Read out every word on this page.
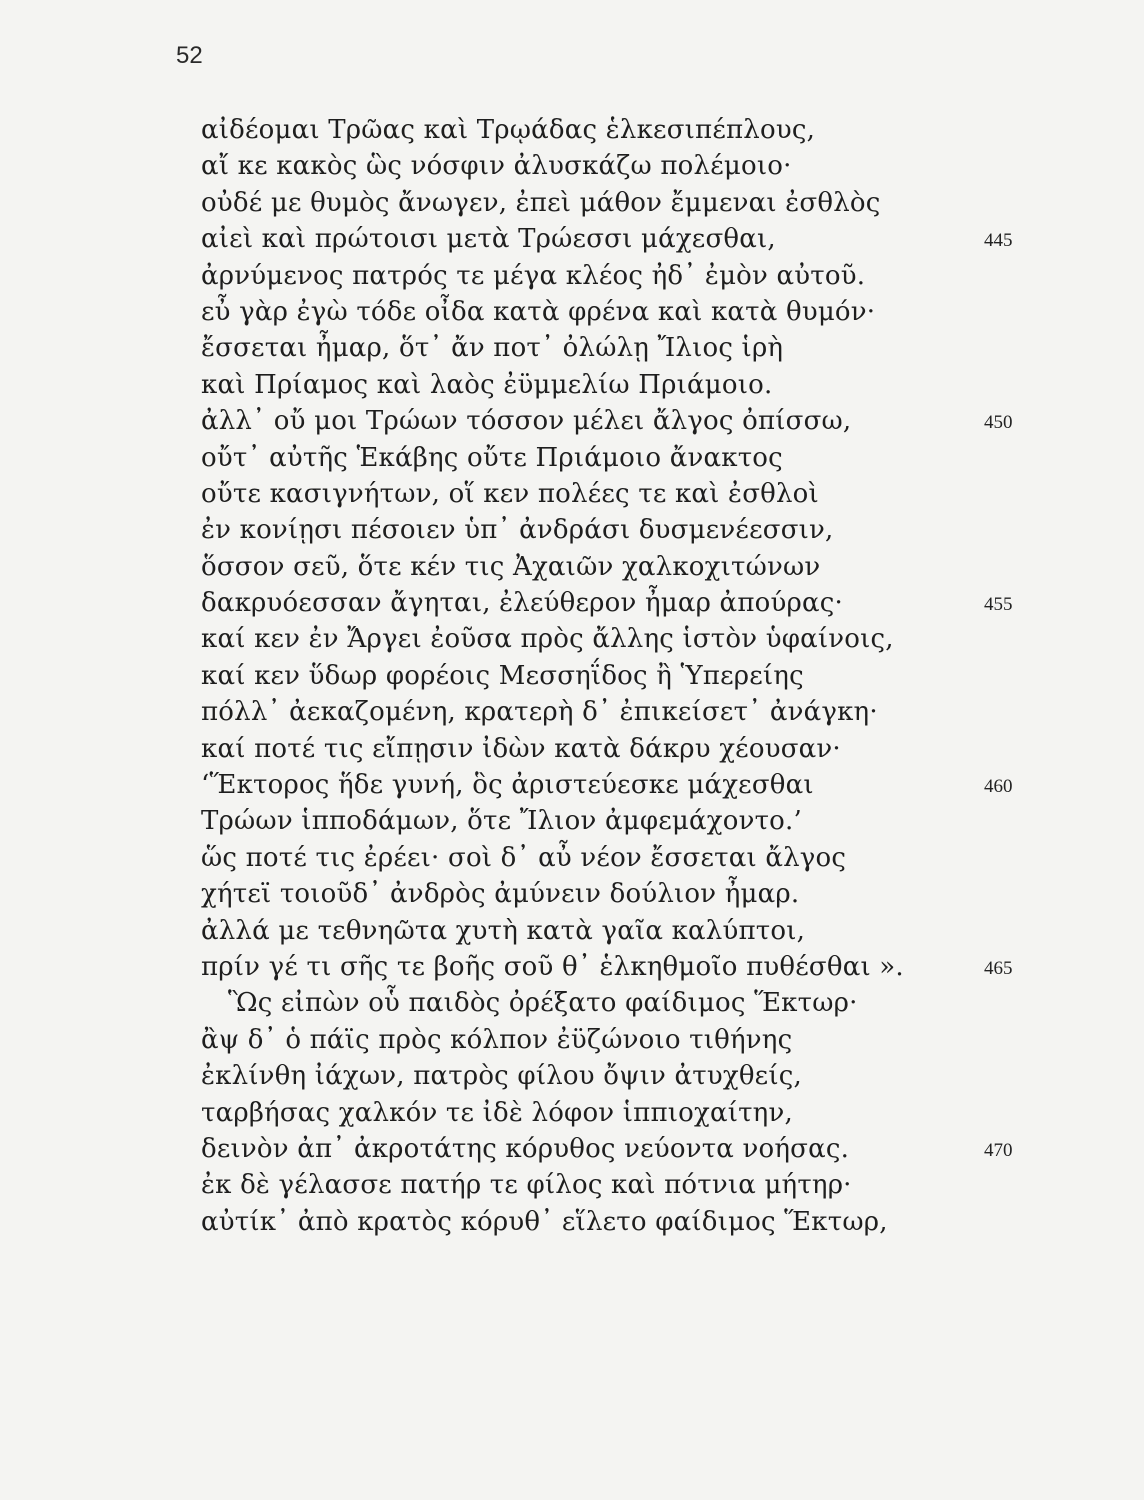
52
αἰδέομαι Τρῶας καὶ Τρῳάδας ἑλκεσιπέπλους,
αἴ κε κακὸς ὣς νόσφιν ἀλυσκάζω πολέμοιο·
οὐδέ με θυμὸς ἄνωγεν, ἐπεὶ μάθον ἔμμεναι ἐσθλὸς
αἰεὶ καὶ πρώτοισι μετὰ Τρώεσσι μάχεσθαι,	445
ἀρνύμενος πατρός τε μέγα κλέος ἠδ᾽ ἐμὸν αὐτοῦ.
εὖ γὰρ ἐγὼ τόδε οἶδα κατὰ φρένα καὶ κατὰ θυμόν·
ἔσσεται ἦμαρ, ὅτ᾽ ἄν ποτ᾽ ὀλώλῃ Ἴλιος ἱρὴ
καὶ Πρίαμος καὶ λαὸς ἐϋμμελίω Πριάμοιο.
ἀλλ᾽ οὔ μοι Τρώων τόσσον μέλει ἄλγος ὀπίσσω,	450
οὔτ᾽ αὐτῆς Ἑκάβης οὔτε Πριάμοιο ἄνακτος
οὔτε κασιγνήτων, οἵ κεν πολέες τε καὶ ἐσθλοὶ
ἐν κονίῃσι πέσοιεν ὑπ᾽ ἀνδράσι δυσμενέεσσιν,
ὅσσον σεῦ, ὅτε κέν τις Ἀχαιῶν χαλκοχιτώνων
δακρυόεσσαν ἄγηται, ἐλεύθερον ἦμαρ ἀπούρας·	455
καί κεν ἐν Ἄργει ἐοῦσα πρὸς ἄλλης ἱστὸν ὑφαίνοις,
καί κεν ὕδωρ φορέοις Μεσσηΐδος ἢ Ὑπερείης
πόλλ᾽ ἀεκαζομένη, κρατερὴ δ᾽ ἐπικείσετ᾽ ἀνάγκη·
καί ποτέ τις εἴπῃσιν ἰδὼν κατὰ δάκρυ χέουσαν·
‘Ἕκτορος ἥδε γυνή, ὃς ἀριστεύεσκε μάχεσθαι	460
Τρώων ἱπποδάμων, ὅτε Ἴλιον ἀμφεμάχοντο.’
ὥς ποτέ τις ἐρέει· σοὶ δ᾽ αὖ νέον ἔσσεται ἄλγος
χήτεϊ τοιοῦδ᾽ ἀνδρὸς ἀμύνειν δούλιον ἦμαρ.
ἀλλά με τεθνηῶτα χυτὴ κατὰ γαῖα καλύπτοι,
πρίν γέ τι σῆς τε βοῆς σοῦ θ᾽ ἑλκηθμοῖο πυθέσθαι ».	465
Ὣς εἰπὼν οὗ παιδὸς ὀρέξατο φαίδιμος Ἕκτωρ·
ἂψ δ᾽ ὁ πάϊς πρὸς κόλπον ἐϋζώνοιο τιθήνης
ἐκλίνθη ἰάχων, πατρὸς φίλου ὄψιν ἀτυχθείς,
ταρβήσας χαλκόν τε ἰδὲ λόφον ἱππιοχαίτην,
δεινὸν ἀπ᾽ ἀκροτάτης κόρυθος νεύοντα νοήσας.	470
ἐκ δὲ γέλασσε πατήρ τε φίλος καὶ πότνια μήτηρ·
αὐτίκ᾽ ἀπὸ κρατὸς κόρυθ᾽ εἵλετο φαίδιμος Ἕκτωρ,
